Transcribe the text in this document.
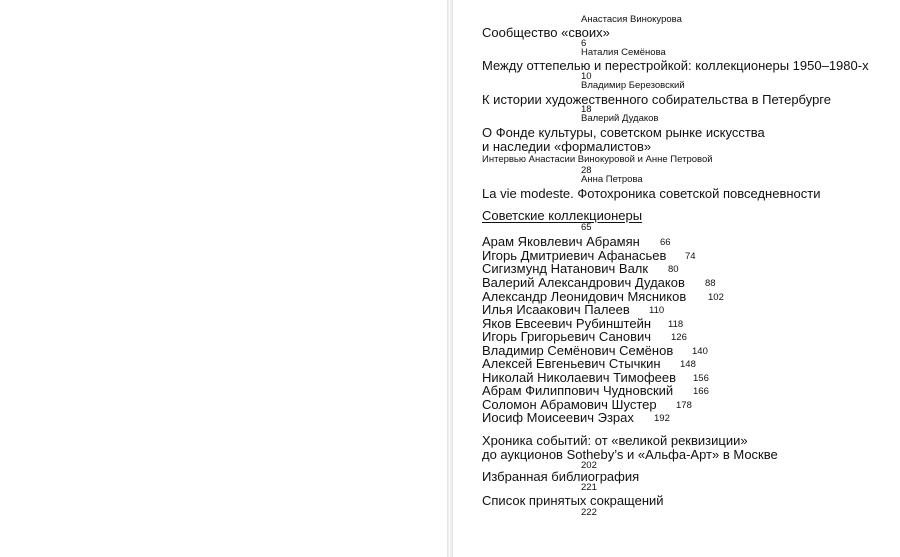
Анастасия Винокурова
Сообщество «своих»
6
Наталия Семёнова
Между оттепелью и перестройкой: коллекционеры 1950–1980-х
10
Владимир Березовский
К истории художественного собирательства в Петербурге
18
Валерий Дудаков
О Фонде культуры, советском рынке искусства
и наследии «формалистов»
Интервью Анастасии Винокуровой и Анне Петровой
28
Анна Петрова
La vie modeste. Фотохроника советской повседневности
Советские коллекционеры
65
Арам Яковлевич Абрамян 66
Игорь Дмитриевич Афанасьев 74
Сигизмунд Натанович Валк 80
Валерий Александрович Дудаков 88
Александр Леонидович Мясников 102
Илья Исаакович Палеев 110
Яков Евсеевич Рубинштейн 118
Игорь Григорьевич Санович 126
Владимир Семёнович Семёнов 140
Алексей Евгеньевич Стычкин 148
Николай Николаевич Тимофеев 156
Абрам Филиппович Чудновский 166
Соломон Абрамович Шустер 178
Иосиф Моисеевич Эзрах 192
Хроника событий: от «великой реквизиции»
до аукционов Sotheby’s и «Альфа-Арт» в Москве
202
Избранная библиография
221
Список принятых сокращений
222
